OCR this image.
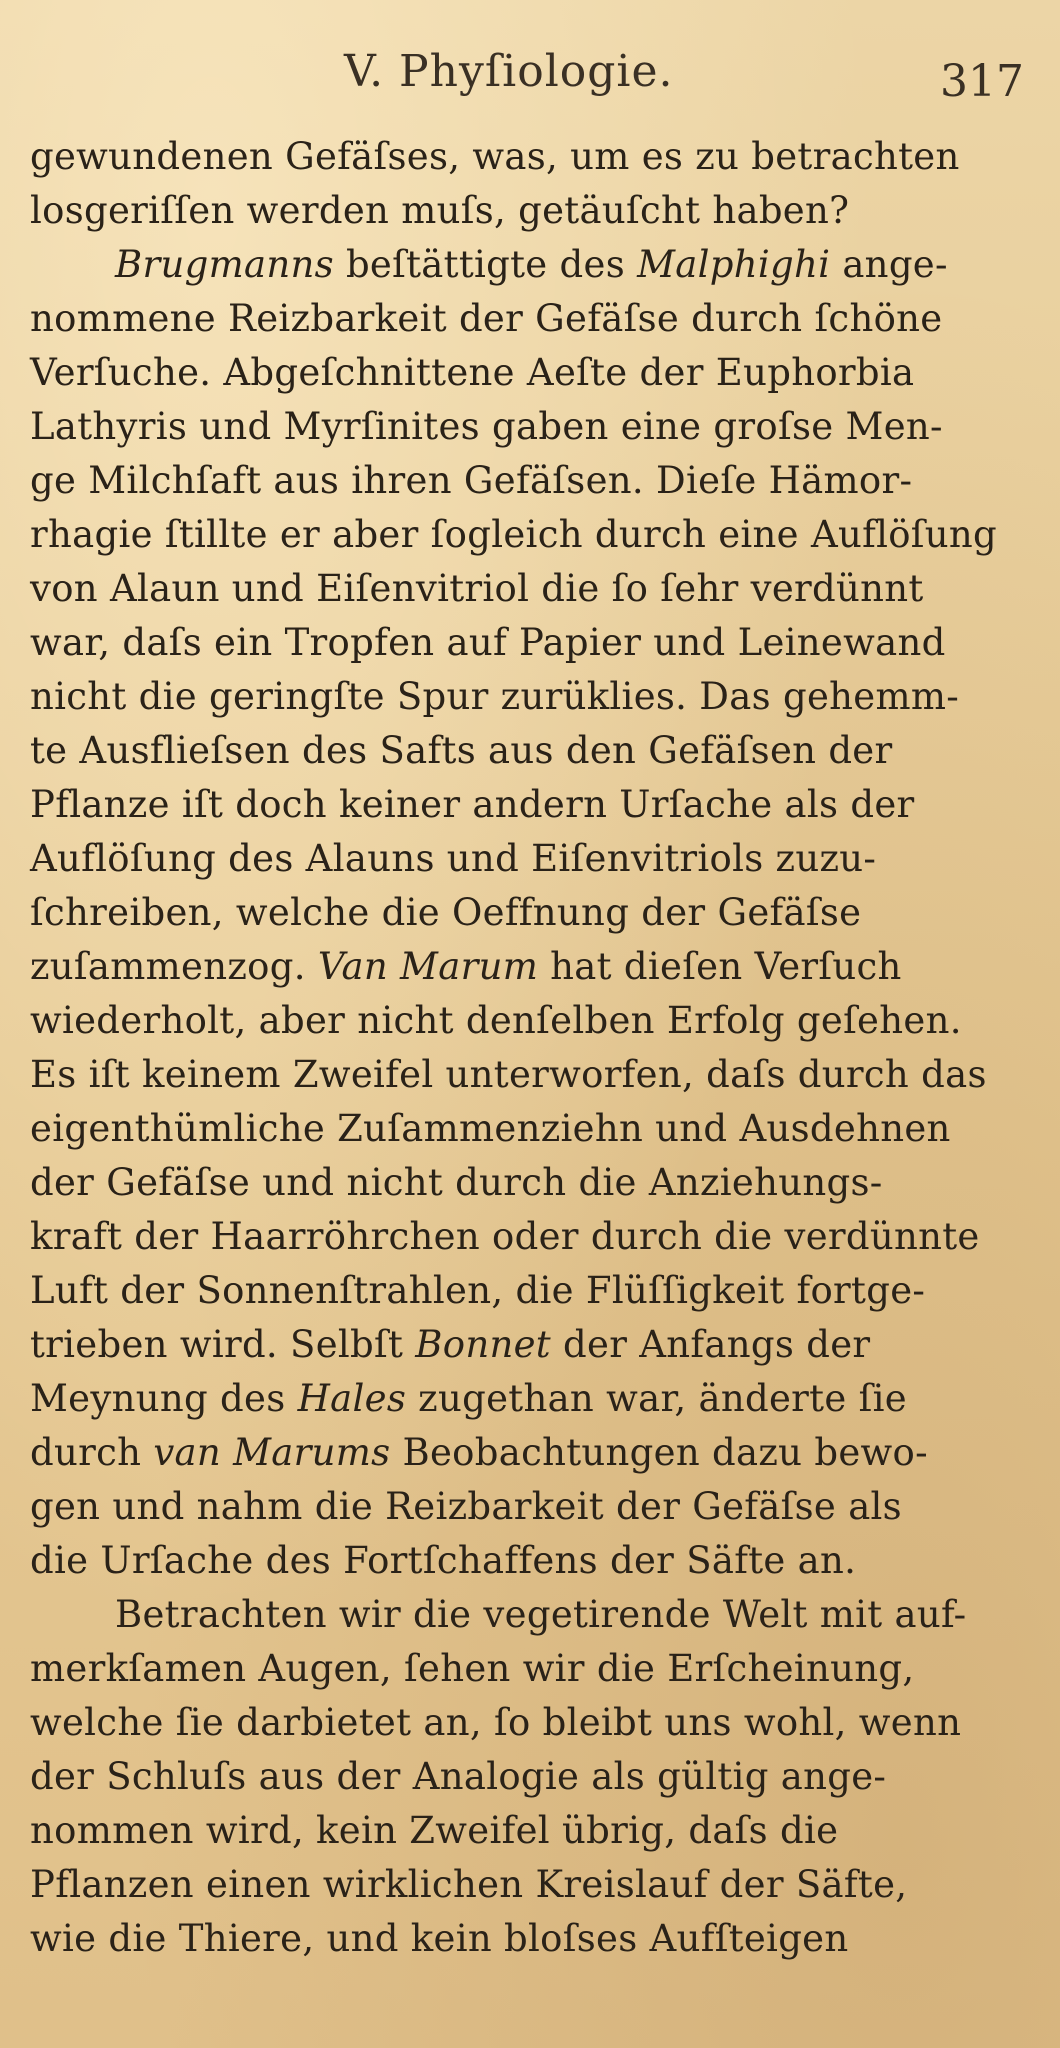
V. Phyſiologie.	317
gewundenen Gefäſses, was, um es zu betrachten
losgeriſſen werden muſs, getäuſcht haben?
Brugmanns beſtättigte des Malphighi ange-
nommene Reizbarkeit der Gefäſse durch ſchöne
Verſuche. Abgeſchnittene Aeſte der Euphorbia
Lathyris und Myrſinites gaben eine groſse Men-
ge Milchſaft aus ihren Gefäſsen. Dieſe Hämor-
rhagie ſtillte er aber ſogleich durch eine Auflöſung
von Alaun und Eiſenvitriol die ſo ſehr verdünnt
war, daſs ein Tropfen auf Papier und Leinewand
nicht die geringſte Spur zurüklies. Das gehemm-
te Ausflieſsen des Safts aus den Gefäſsen der
Pflanze iſt doch keiner andern Urſache als der
Auflöſung des Alauns und Eiſenvitriols zuzu-
ſchreiben, welche die Oeffnung der Gefäſse
zuſammenzog. Van Marum hat dieſen Verſuch
wiederholt, aber nicht denſelben Erfolg geſehen.
Es iſt keinem Zweifel unterworfen, daſs durch das
eigenthümliche Zuſammenziehn und Ausdehnen
der Gefäſse und nicht durch die Anziehungs-
kraft der Haarröhrchen oder durch die verdünnte
Luft der Sonnenſtrahlen, die Flüſſigkeit fortge-
trieben wird. Selbſt Bonnet der Anfangs der
Meynung des Hales zugethan war, änderte ſie
durch van Marums Beobachtungen dazu bewo-
gen und nahm die Reizbarkeit der Gefäſse als
die Urſache des Fortſchaffens der Säfte an.
Betrachten wir die vegetirende Welt mit auf-
merkſamen Augen, ſehen wir die Erſcheinung,
welche ſie darbietet an, ſo bleibt uns wohl, wenn
der Schluſs aus der Analogie als gültig ange-
nommen wird, kein Zweifel übrig, daſs die
Pflanzen einen wirklichen Kreislauf der Säfte,
wie die Thiere, und kein bloſses Aufſteigen
